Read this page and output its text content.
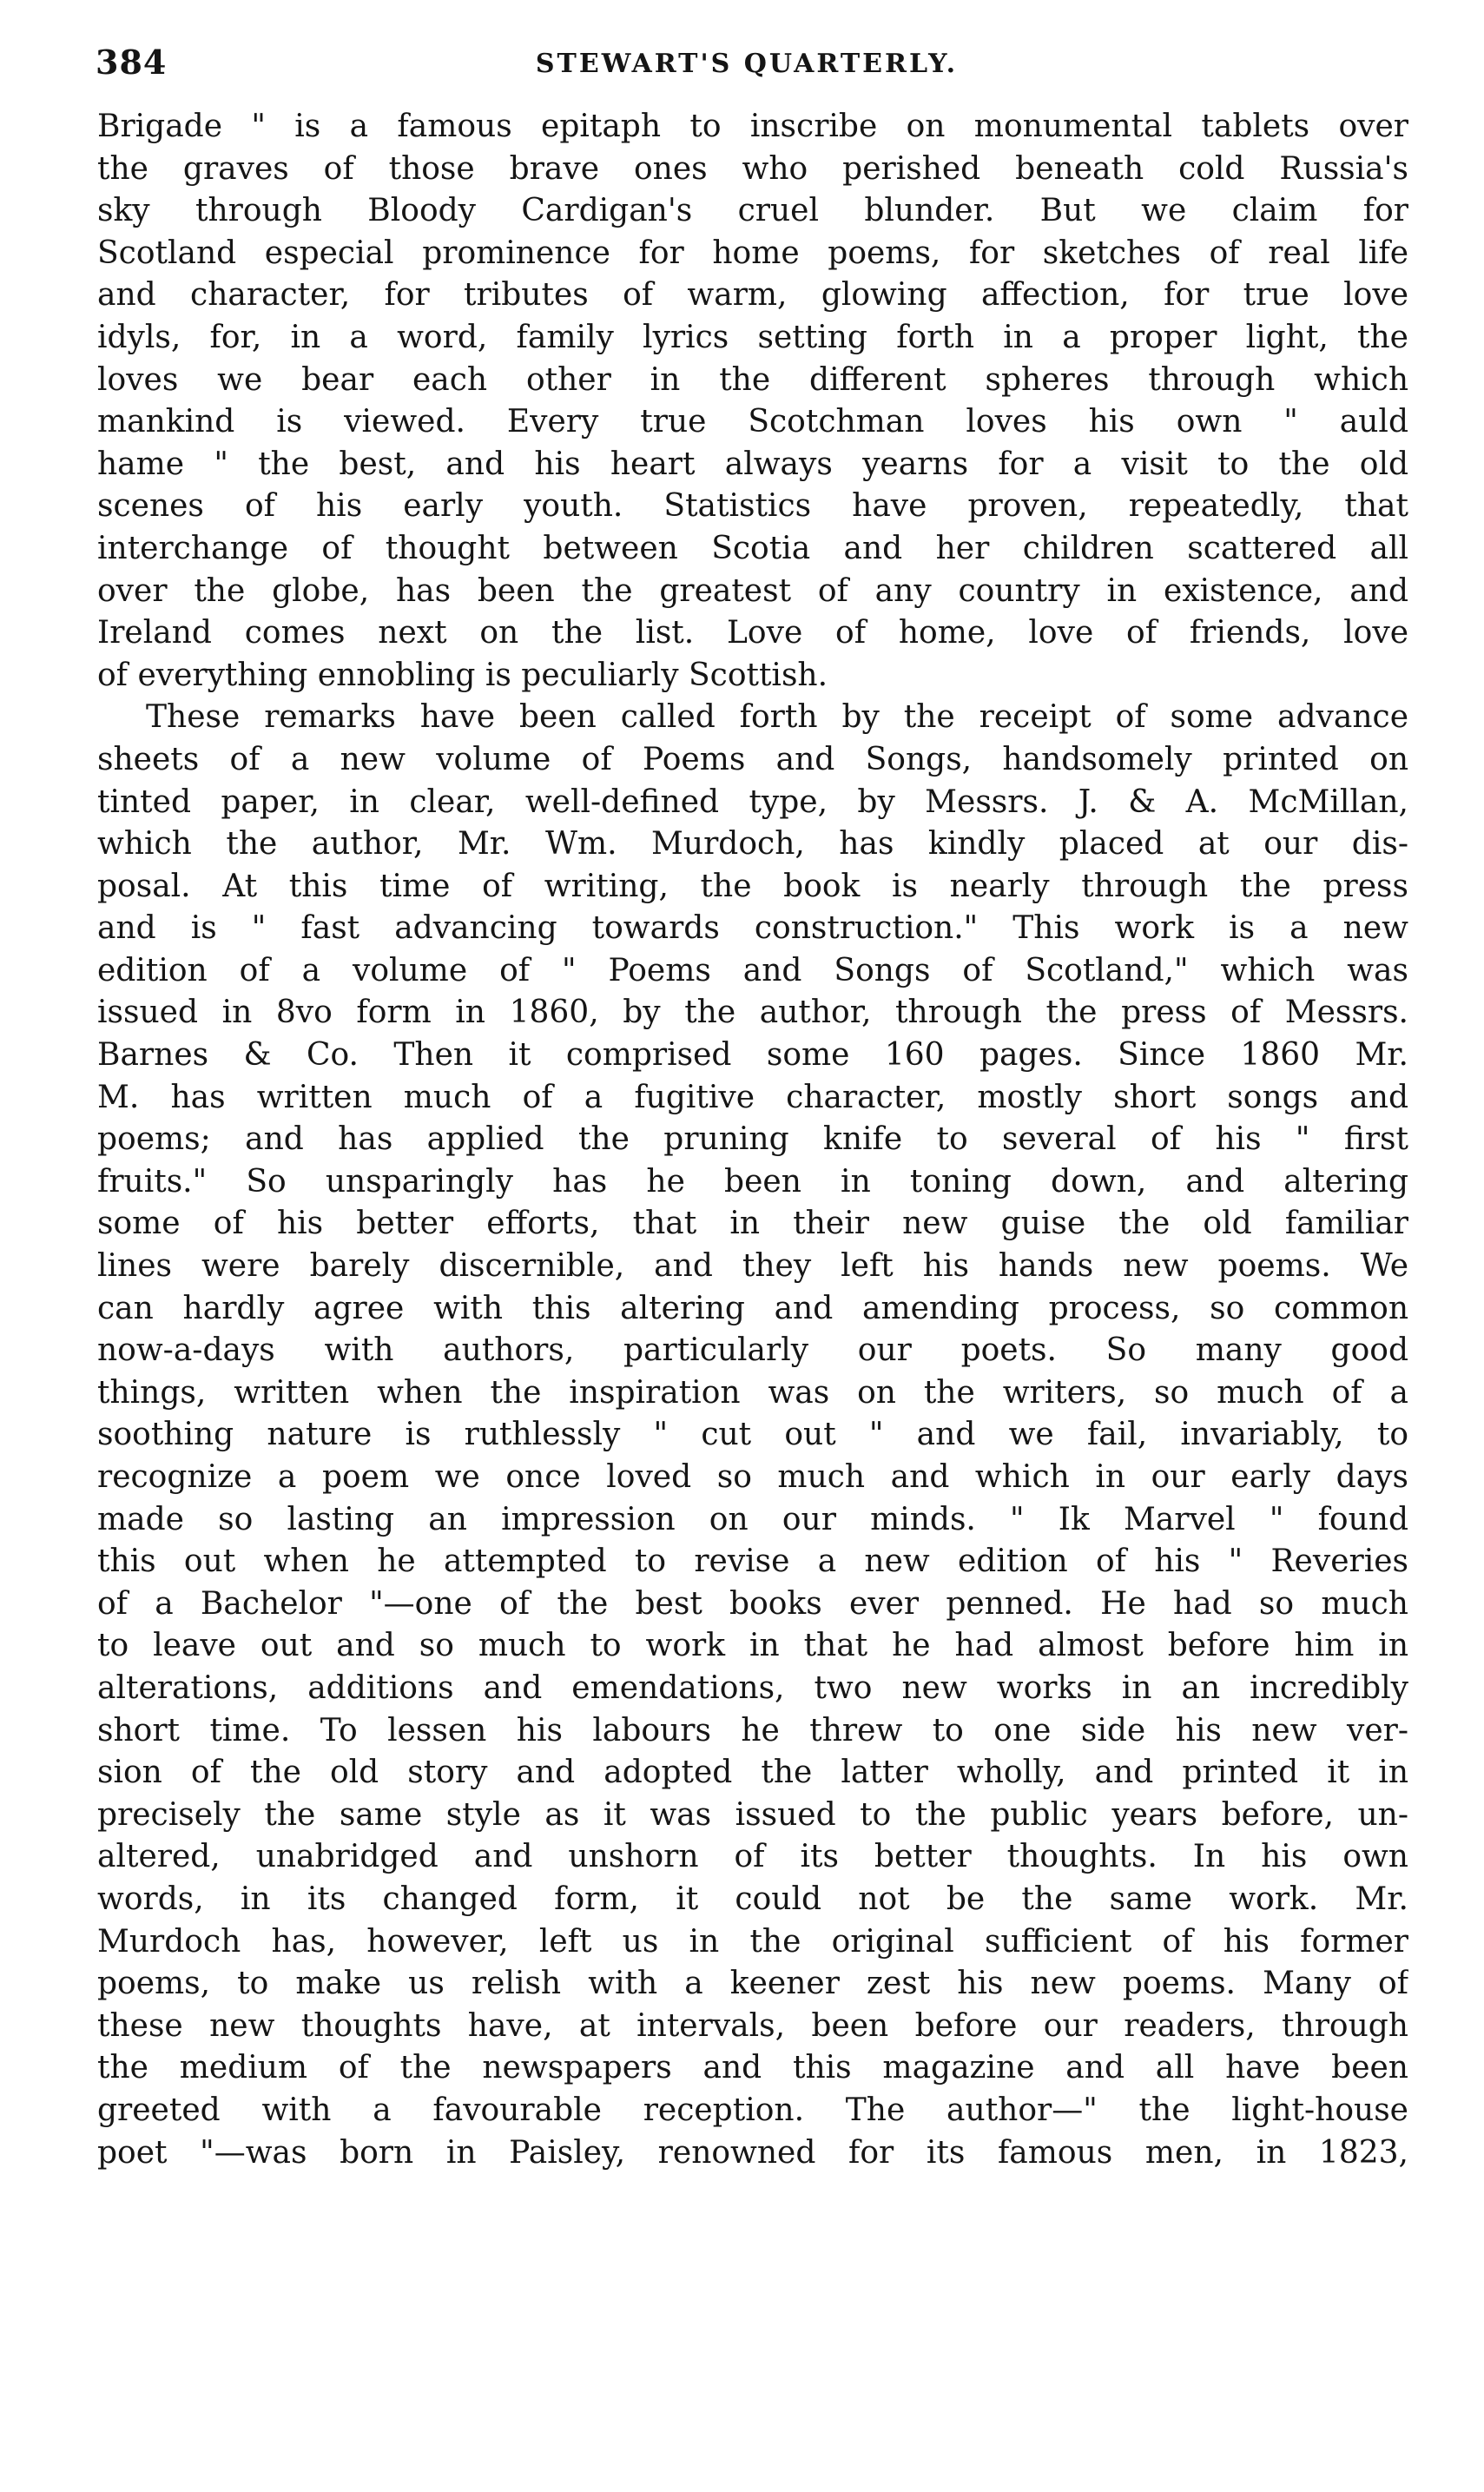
384	STEWART'S QUARTERLY.
Brigade " is a famous epitaph to inscribe on monumental tablets over
the graves of those brave ones who perished beneath cold Russia's
sky through Bloody Cardigan's cruel blunder. But we claim for
Scotland especial prominence for home poems, for sketches of real life
and character, for tributes of warm, glowing affection, for true love
idyls, for, in a word, family lyrics setting forth in a proper light, the
loves we bear each other in the different spheres through which
mankind is viewed. Every true Scotchman loves his own " auld
hame " the best, and his heart always yearns for a visit to the old
scenes of his early youth. Statistics have proven, repeatedly, that
interchange of thought between Scotia and her children scattered all
over the globe, has been the greatest of any country in existence, and
Ireland comes next on the list. Love of home, love of friends, love
of everything ennobling is peculiarly Scottish.
These remarks have been called forth by the receipt of some advance
sheets of a new volume of Poems and Songs, handsomely printed on
tinted paper, in clear, well-defined type, by Messrs. J. & A. McMillan,
which the author, Mr. Wm. Murdoch, has kindly placed at our dis-
posal. At this time of writing, the book is nearly through the press
and is " fast advancing towards construction." This work is a new
edition of a volume of " Poems and Songs of Scotland," which was
issued in 8vo form in 1860, by the author, through the press of Messrs.
Barnes & Co. Then it comprised some 160 pages. Since 1860 Mr.
M. has written much of a fugitive character, mostly short songs and
poems; and has applied the pruning knife to several of his " first
fruits." So unsparingly has he been in toning down, and altering
some of his better efforts, that in their new guise the old familiar
lines were barely discernible, and they left his hands new poems. We
can hardly agree with this altering and amending process, so common
now-a-days with authors, particularly our poets. So many good
things, written when the inspiration was on the writers, so much of a
soothing nature is ruthlessly " cut out " and we fail, invariably, to
recognize a poem we once loved so much and which in our early days
made so lasting an impression on our minds. " Ik Marvel " found
this out when he attempted to revise a new edition of his " Reveries
of a Bachelor "—one of the best books ever penned. He had so much
to leave out and so much to work in that he had almost before him in
alterations, additions and emendations, two new works in an incredibly
short time. To lessen his labours he threw to one side his new ver-
sion of the old story and adopted the latter wholly, and printed it in
precisely the same style as it was issued to the public years before, un-
altered, unabridged and unshorn of its better thoughts. In his own
words, in its changed form, it could not be the same work. Mr.
Murdoch has, however, left us in the original sufficient of his former
poems, to make us relish with a keener zest his new poems. Many of
these new thoughts have, at intervals, been before our readers, through
the medium of the newspapers and this magazine and all have been
greeted with a favourable reception. The author—" the light-house
poet "—was born in Paisley, renowned for its famous men, in 1823,
